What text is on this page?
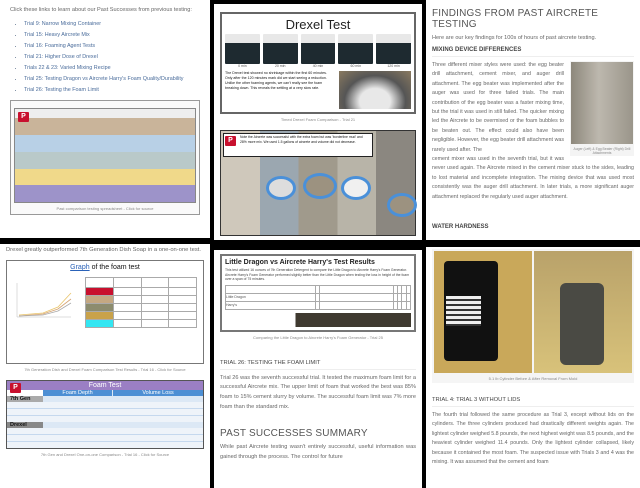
Click these links to learn about our Past Successes from previous testing:

• Trial 9: Narrow Mixing Container
• Trial 15: Heavy Aircrete Mix
• Trial 16: Foaming Agent Tests
• Trial 21: Higher Dose of Drexel
• Trials 22 & 23: Varied Mixing Recipe
• Trial 25: Testing Dragon vs Aircrete Harry's Foam Quality/Durability
• Trial 26: Testing the Foam Limit
P

Past comparison testing spreadsheet - Click for source

Drexel Test
0 min	20 min	40 min	60 min	120 min

The Drexel test showed no shrinkage within the first 60 minutes. Only after the 120 minutes mark did we start seeing a reduction. Unlike the other foaming agents, we can't really see the foam breaking down. This reveals the settling at a very slow rate.

Timed Drexel Foam Comparison - Trial 21

Note the Aircrete was successful with the extra foam but was 'borderline mud' and 28% more mix. We used 1.5 gallons of aircrete and volume did not decrease.
P
FINDINGS FROM PAST AIRCRETE TESTING

Here are our key findings for 100s of hours of past aircrete testing.

MIXING DEVICE DIFFERENCES

Auger (Left) & Egg Beater (Right) Drill Attachments

Three different mixer styles were used: the egg beater drill attachment, cement mixer, and auger drill attachment. The egg beater was implemented after the auger was used for three failed trials. The main contribution of the egg beater was a faster mixing time, but the trial it was used in still failed. The quicker mixing led the Aircrete to be overmixed or the foam bubbles to be beaten out. The effect could also have been negligible. However, the egg beater drill attachment was rarely used after. The

cement mixer was used in the seventh trial, but it was never used again. The Aircrete mixed in the cement mixer stuck to the sides, leading to lost material and incomplete integration. The mixing device that was used most consistently was the auger drill attachment. In later trials, a more significant auger attachment replaced the regularly used auger attachment.

WATER HARDNESS

Drexel greatly outperformed 7th Generation Dish Soap in a one-on-one test.

Graph of the foam test

7th Generation Dish and Drexel Foam Comparison Test Results - Trial 16 - Click for Source

P	Foam Test
Foam Depth	Volume Loss
7th Gen
Drexel

7th Gen and Drexel One-on-one Comparison - Trial 16 - Click for Source

Little Dragon vs Aircrete Harry's Test Results

This test utilized 16 ounces of 7th Generation Detergent to compare the Little Dragon to Aircrete Harry's Foam Generator. Aircrete Harry's Foam Generator performed slightly better than the Little Dragon when testing the loss in height of the foam over a span of 75 minutes.

Little Dragon						
Harry's						

Comparing the Little Dragon to Aircrete Harry's Foam Generator - Trial 25

TRIAL 26: TESTING THE FOAM LIMIT

Trial 26 was the seventh successful trial. It tested the maximum foam limit for a successful Aircrete mix. The upper limit of foam that worked the best was 85% foam to 15% cement slurry by volume. The successful foam limit was 7% more foam than the standard mix.

PAST SUCCESSES SUMMARY

While past Aircrete testing wasn't entirely successful, useful information was gained through the process. The control for future

5.1 lb Cylinder Before & After Removal From Mold

TRIAL 4: TRIAL 3 WITHOUT LIDS

The fourth trial followed the same procedure as Trial 3, except without lids on the cylinders. The three cylinders produced had drastically different weights again. The lightest cylinder weighed 5.8 pounds, the next highest weight was 8.5 pounds, and the heaviest cylinder weighed 11.4 pounds. Only the lightest cylinder collapsed, likely because it contained the most foam. The suspected issue with Trials 3 and 4 was the mixing. It was assumed that the cement and foam
